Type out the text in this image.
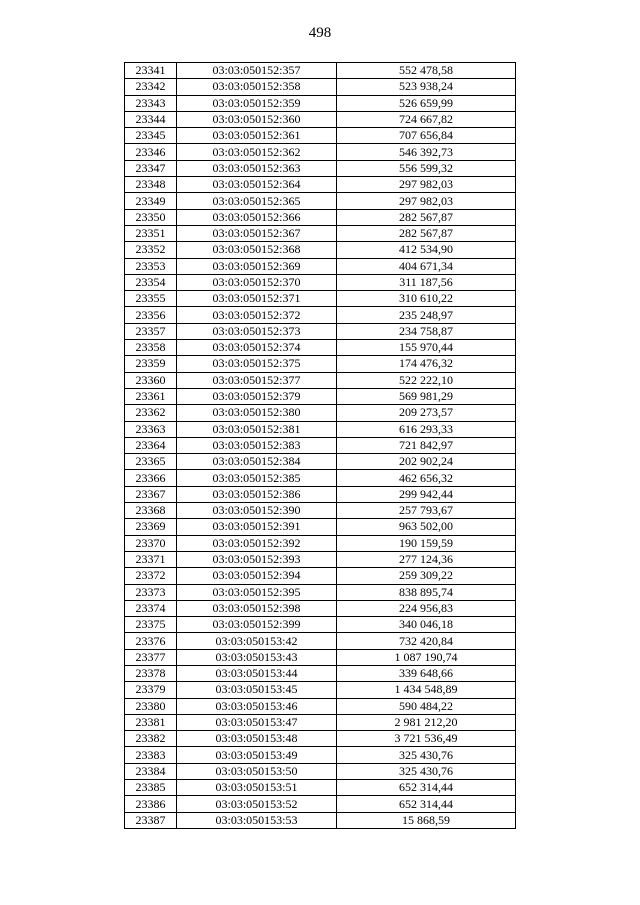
498
23341	03:03:050152:357	552 478,58
23342	03:03:050152:358	523 938,24
23343	03:03:050152:359	526 659,99
23344	03:03:050152:360	724 667,82
23345	03:03:050152:361	707 656,84
23346	03:03:050152:362	546 392,73
23347	03:03:050152:363	556 599,32
23348	03:03:050152:364	297 982,03
23349	03:03:050152:365	297 982,03
23350	03:03:050152:366	282 567,87
23351	03:03:050152:367	282 567,87
23352	03:03:050152:368	412 534,90
23353	03:03:050152:369	404 671,34
23354	03:03:050152:370	311 187,56
23355	03:03:050152:371	310 610,22
23356	03:03:050152:372	235 248,97
23357	03:03:050152:373	234 758,87
23358	03:03:050152:374	155 970,44
23359	03:03:050152:375	174 476,32
23360	03:03:050152:377	522 222,10
23361	03:03:050152:379	569 981,29
23362	03:03:050152:380	209 273,57
23363	03:03:050152:381	616 293,33
23364	03:03:050152:383	721 842,97
23365	03:03:050152:384	202 902,24
23366	03:03:050152:385	462 656,32
23367	03:03:050152:386	299 942,44
23368	03:03:050152:390	257 793,67
23369	03:03:050152:391	963 502,00
23370	03:03:050152:392	190 159,59
23371	03:03:050152:393	277 124,36
23372	03:03:050152:394	259 309,22
23373	03:03:050152:395	838 895,74
23374	03:03:050152:398	224 956,83
23375	03:03:050152:399	340 046,18
23376	03:03:050153:42	732 420,84
23377	03:03:050153:43	1 087 190,74
23378	03:03:050153:44	339 648,66
23379	03:03:050153:45	1 434 548,89
23380	03:03:050153:46	590 484,22
23381	03:03:050153:47	2 981 212,20
23382	03:03:050153:48	3 721 536,49
23383	03:03:050153:49	325 430,76
23384	03:03:050153:50	325 430,76
23385	03:03:050153:51	652 314,44
23386	03:03:050153:52	652 314,44
23387	03:03:050153:53	15 868,59
